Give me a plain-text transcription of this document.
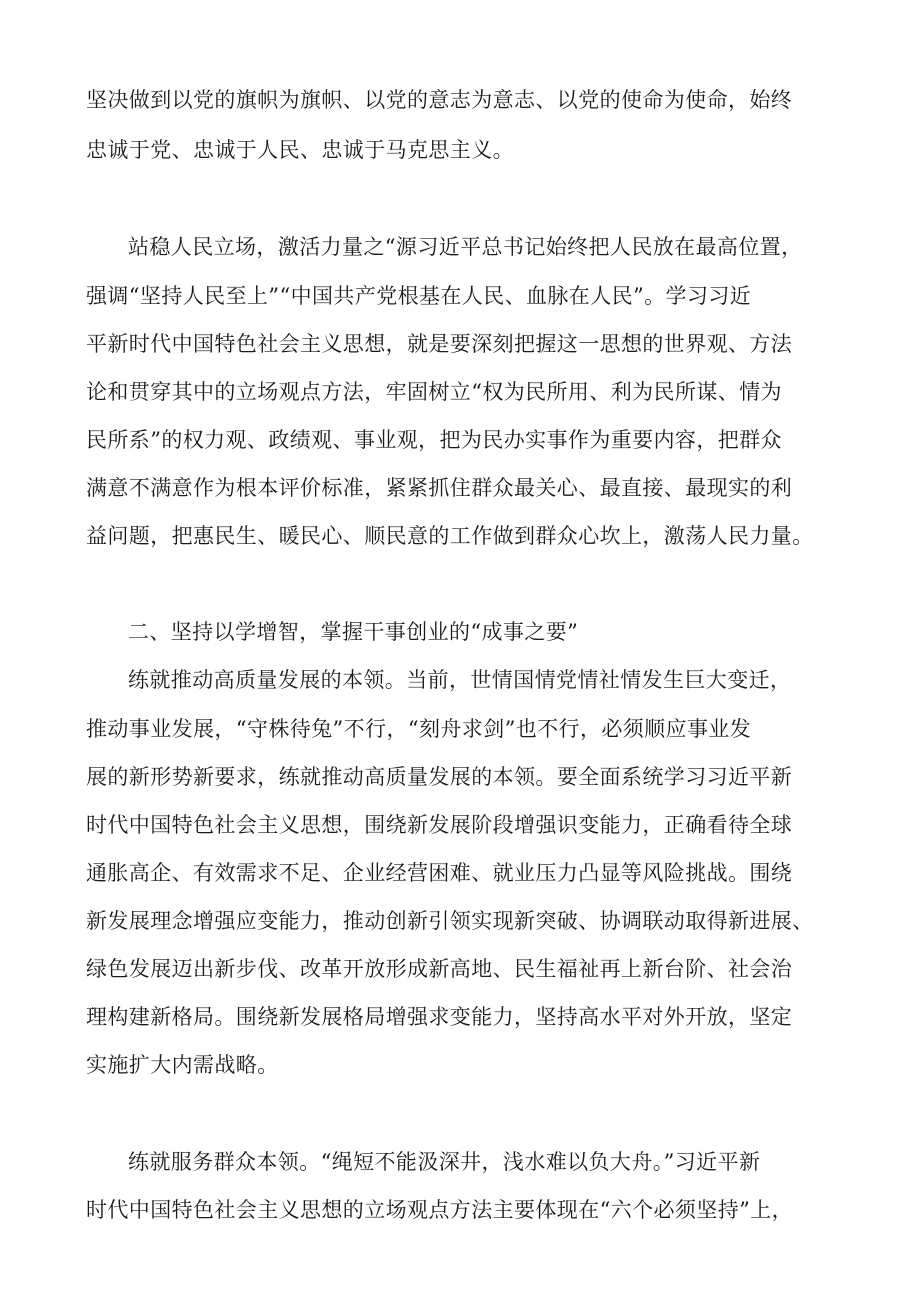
坚决做到以党的旗帜为旗帜、以党的意志为意志、以党的使命为使命，始终
忠诚于党、忠诚于人民、忠诚于马克思主义。
站稳人民立场，激活力量之“源习近平总书记始终把人民放在最高位置，
强调“坚持人民至上”“中国共产党根基在人民、血脉在人民”。学习习近
平新时代中国特色社会主义思想，就是要深刻把握这一思想的世界观、方法
论和贯穿其中的立场观点方法，牢固树立“权为民所用、利为民所谋、情为
民所系”的权力观、政绩观、事业观，把为民办实事作为重要内容，把群众
满意不满意作为根本评价标准，紧紧抓住群众最关心、最直接、最现实的利
益问题，把惠民生、暖民心、顺民意的工作做到群众心坎上，激荡人民力量。
二、坚持以学增智，掌握干事创业的“成事之要”
练就推动高质量发展的本领。当前，世情国情党情社情发生巨大变迁，
推动事业发展，“守株待兔”不行，“刻舟求剑”也不行，必须顺应事业发
展的新形势新要求，练就推动高质量发展的本领。要全面系统学习习近平新
时代中国特色社会主义思想，围绕新发展阶段增强识变能力，正确看待全球
通胀高企、有效需求不足、企业经营困难、就业压力凸显等风险挑战。围绕
新发展理念增强应变能力，推动创新引领实现新突破、协调联动取得新进展、
绿色发展迈出新步伐、改革开放形成新高地、民生福祉再上新台阶、社会治
理构建新格局。围绕新发展格局增强求变能力，坚持高水平对外开放，坚定
实施扩大内需战略。
练就服务群众本领。“绳短不能汲深井，浅水难以负大舟。”习近平新
时代中国特色社会主义思想的立场观点方法主要体现在“六个必须坚持”上，
